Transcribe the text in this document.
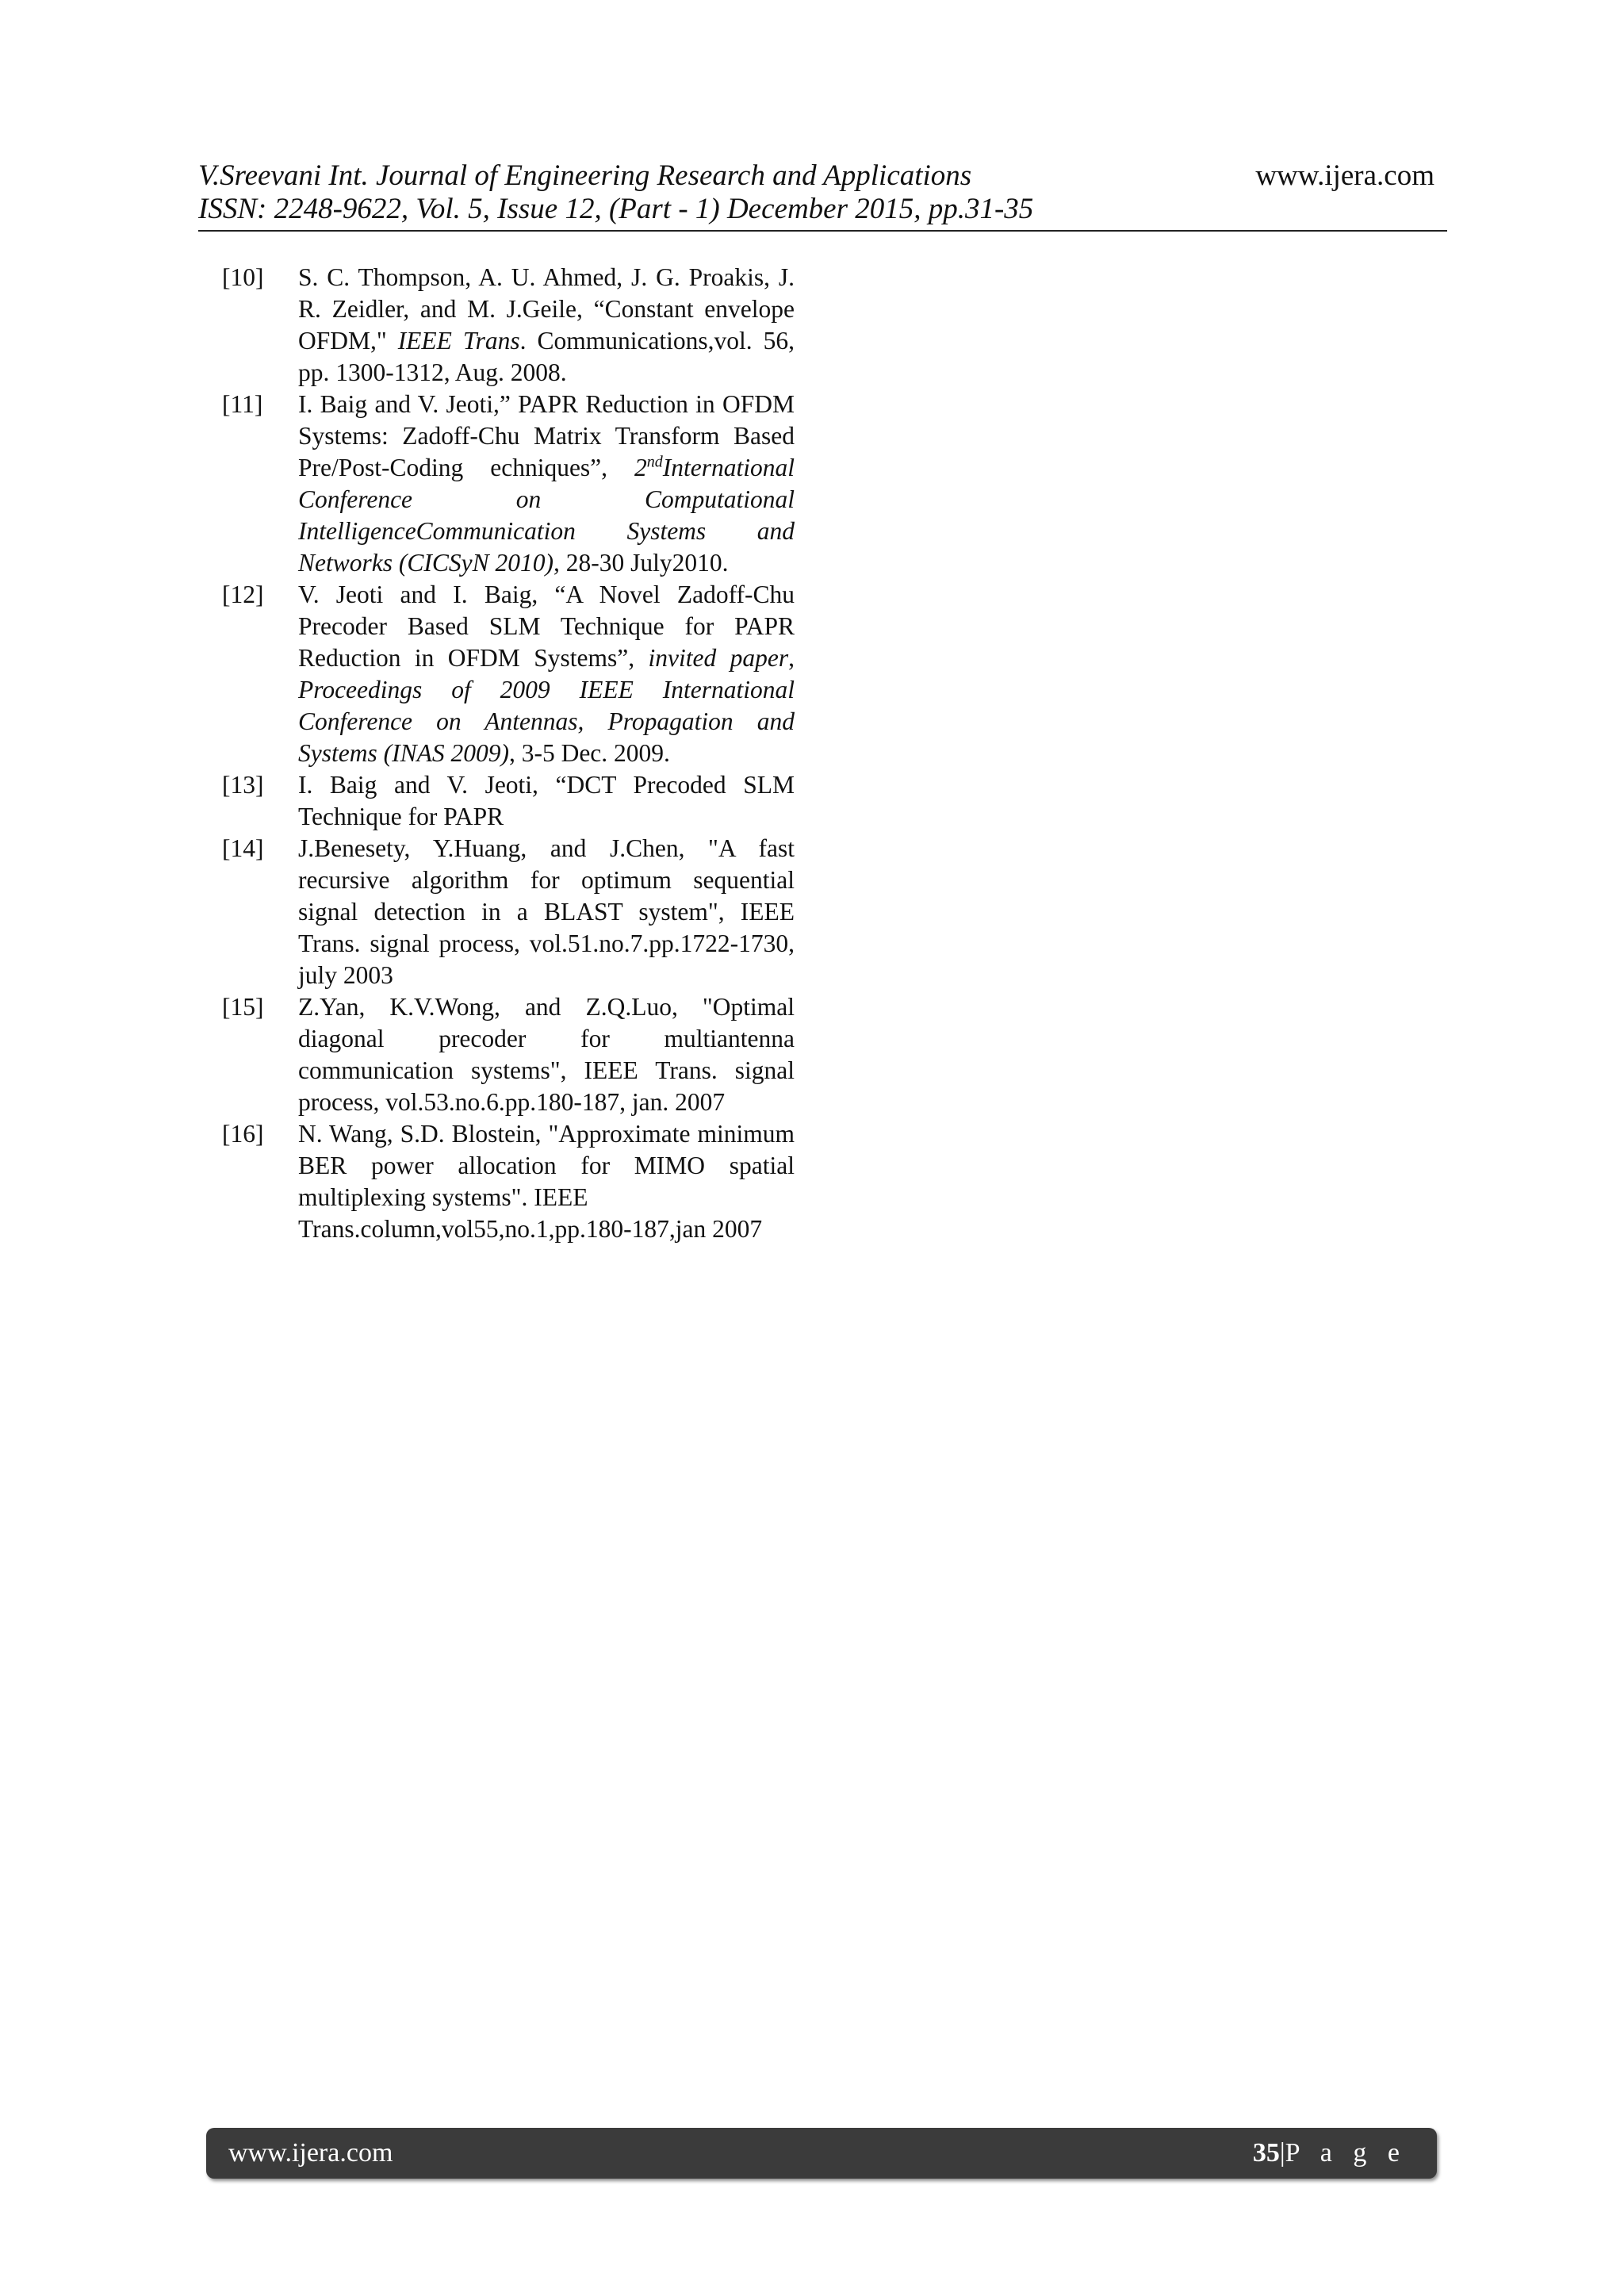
V.Sreevani Int. Journal of Engineering Research and Applications
ISSN: 2248-9622, Vol. 5, Issue 12, (Part - 1) December 2015, pp.31-35
www.ijera.com
[10]	S. C. Thompson, A. U. Ahmed, J. G. Proakis, J. R. Zeidler, and M. J.Geile, “Constant envelope OFDM," IEEE Trans. Communications,vol. 56, pp. 1300-1312, Aug. 2008.
[11]	I. Baig and V. Jeoti,” PAPR Reduction in OFDM Systems: Zadoff-Chu Matrix Transform Based Pre/Post-Coding echniques”, 2ndInternational Conference on Computational IntelligenceCommunication Systems and Networks (CICSyN 2010), 28-30 July2010.
[12]	V. Jeoti and I. Baig, “A Novel Zadoff-Chu Precoder Based SLM Technique for PAPR Reduction in OFDM Systems”, invited paper, Proceedings of 2009 IEEE International Conference on Antennas, Propagation and Systems (INAS 2009), 3-5 Dec. 2009.
[13]	I. Baig and V. Jeoti, “DCT Precoded SLM Technique for PAPR
[14]	J.Benesety, Y.Huang, and J.Chen, "A fast recursive algorithm for optimum sequential signal detection in a BLAST system", IEEE Trans. signal process, vol.51.no.7.pp.1722-1730, july 2003
[15]	Z.Yan, K.V.Wong, and Z.Q.Luo, "Optimal diagonal precoder for multiantenna communication systems", IEEE Trans. signal process, vol.53.no.6.pp.180-187, jan. 2007
[16]	N. Wang, S.D. Blostein, "Approximate minimum BER power allocation for MIMO spatial multiplexing systems". IEEE
Trans.column,vol55,no.1,pp.180-187,jan 2007
www.ijera.com	35|P a g e
